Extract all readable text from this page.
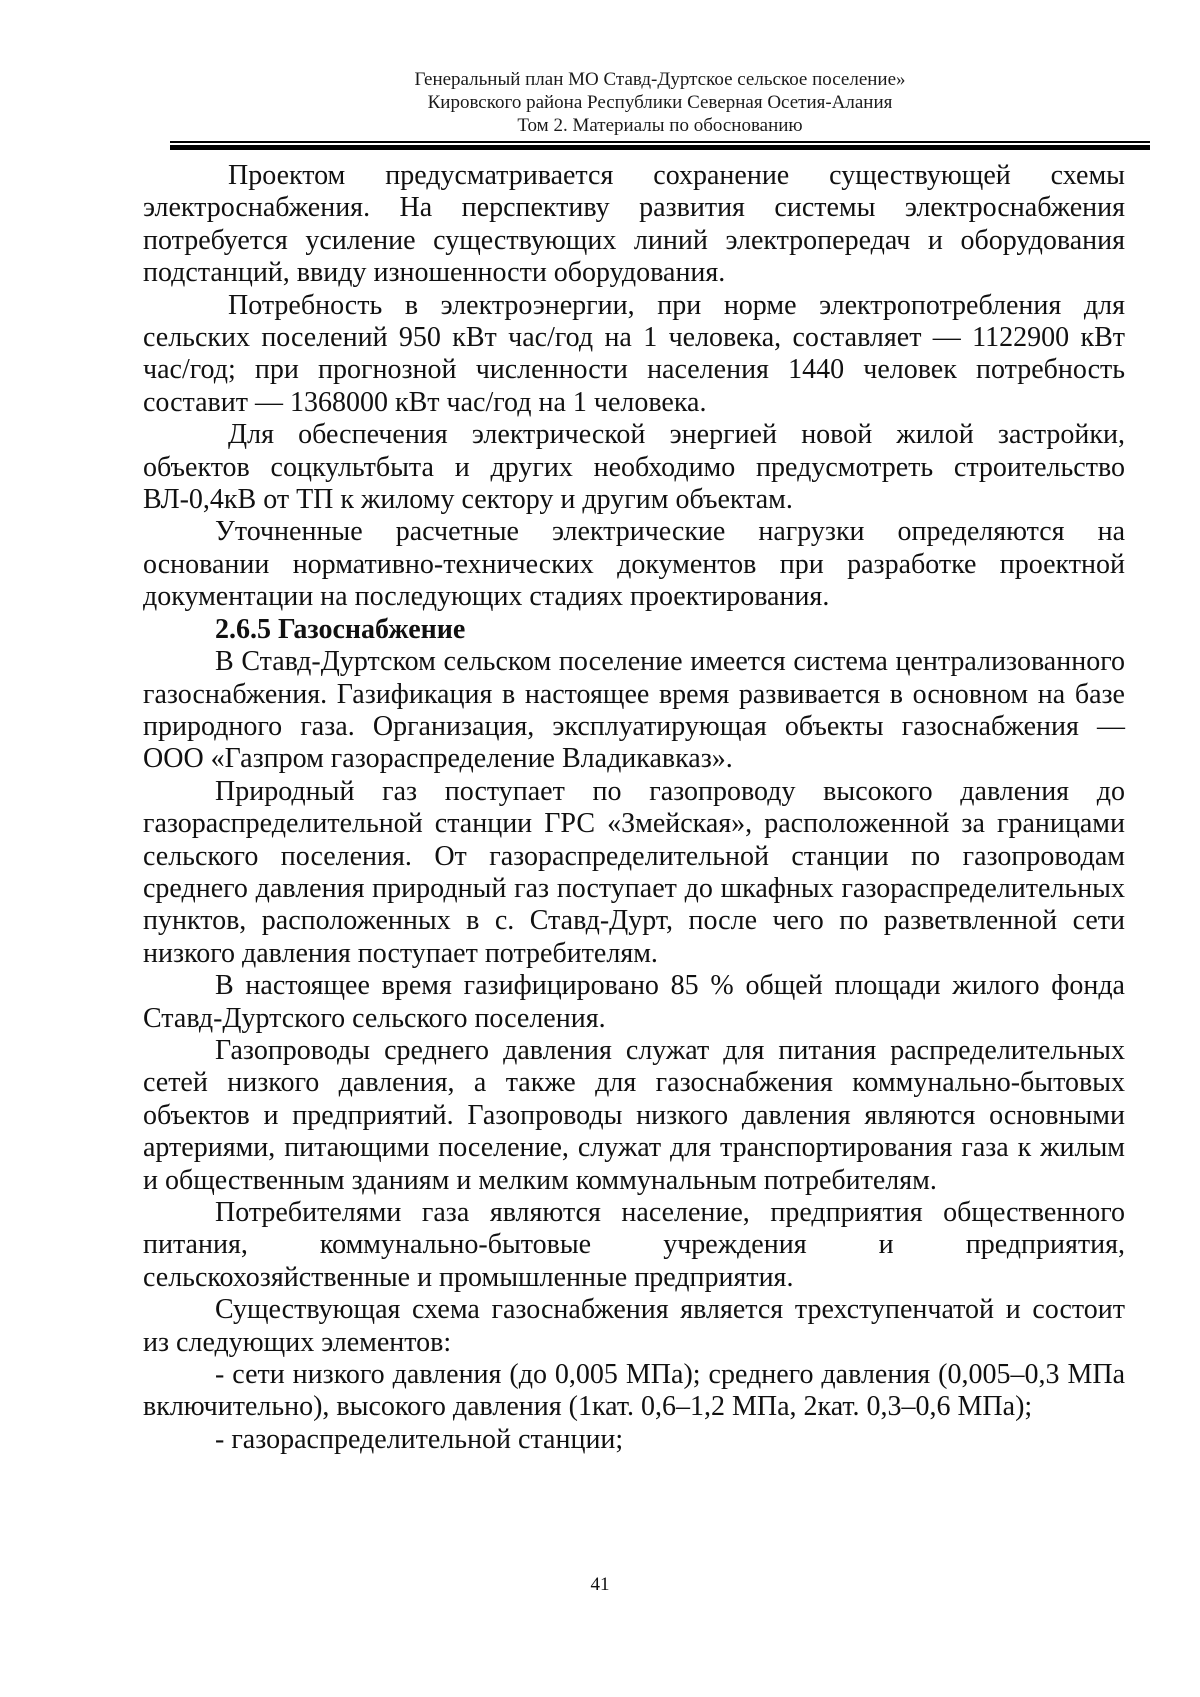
Генеральный план МО Ставд-Дуртское сельское поселение»
Кировского района Республики Северная Осетия-Алания
Том 2. Материалы по обоснованию

Проектом предусматривается сохранение существующей схемы электроснабжения. На перспективу развития системы электроснабжения потребуется усиление существующих линий электропередач и оборудования подстанций, ввиду изношенности оборудования.

Потребность в электроэнергии, при норме электропотребления для сельских поселений 950 кВт час/год на 1 человека, составляет — 1122900 кВт час/год; при прогнозной численности населения 1440 человек потребность составит — 1368000 кВт час/год на 1 человека.

Для обеспечения электрической энергией новой жилой застройки, объектов соцкультбыта и других необходимо предусмотреть строительство ВЛ-0,4кВ от ТП к жилому сектору и другим объектам.

Уточненные расчетные электрические нагрузки определяются на основании нормативно-технических документов при разработке проектной документации на последующих стадиях проектирования.

2.6.5 Газоснабжение

В Ставд-Дуртском сельском поселение имеется система централизованного газоснабжения. Газификация в настоящее время развивается в основном на базе природного газа. Организация, эксплуатирующая объекты газоснабжения — ООО «Газпром газораспределение Владикавказ».

Природный газ поступает по газопроводу высокого давления до газораспределительной станции ГРС «Змейская», расположенной за границами сельского поселения. От газораспределительной станции по газопроводам среднего давления природный газ поступает до шкафных газораспределительных пунктов, расположенных в с. Ставд-Дурт, после чего по разветвленной сети низкого давления поступает потребителям.

В настоящее время газифицировано 85 % общей площади жилого фонда Ставд-Дуртского сельского поселения.

Газопроводы среднего давления служат для питания распределительных сетей низкого давления, а также для газоснабжения коммунально-бытовых объектов и предприятий. Газопроводы низкого давления являются основными артериями, питающими поселение, служат для транспортирования газа к жилым и общественным зданиям и мелким коммунальным потребителям.

Потребителями газа являются население, предприятия общественного питания, коммунально-бытовые учреждения и предприятия, сельскохозяйственные и промышленные предприятия.

Существующая схема газоснабжения является трехступенчатой и состоит из следующих элементов:

- сети низкого давления (до 0,005 МПа); среднего давления (0,005–0,3 МПа включительно), высокого давления (1кат. 0,6–1,2 МПа, 2кат. 0,3–0,6 МПа);

- газораспределительной станции;

41
